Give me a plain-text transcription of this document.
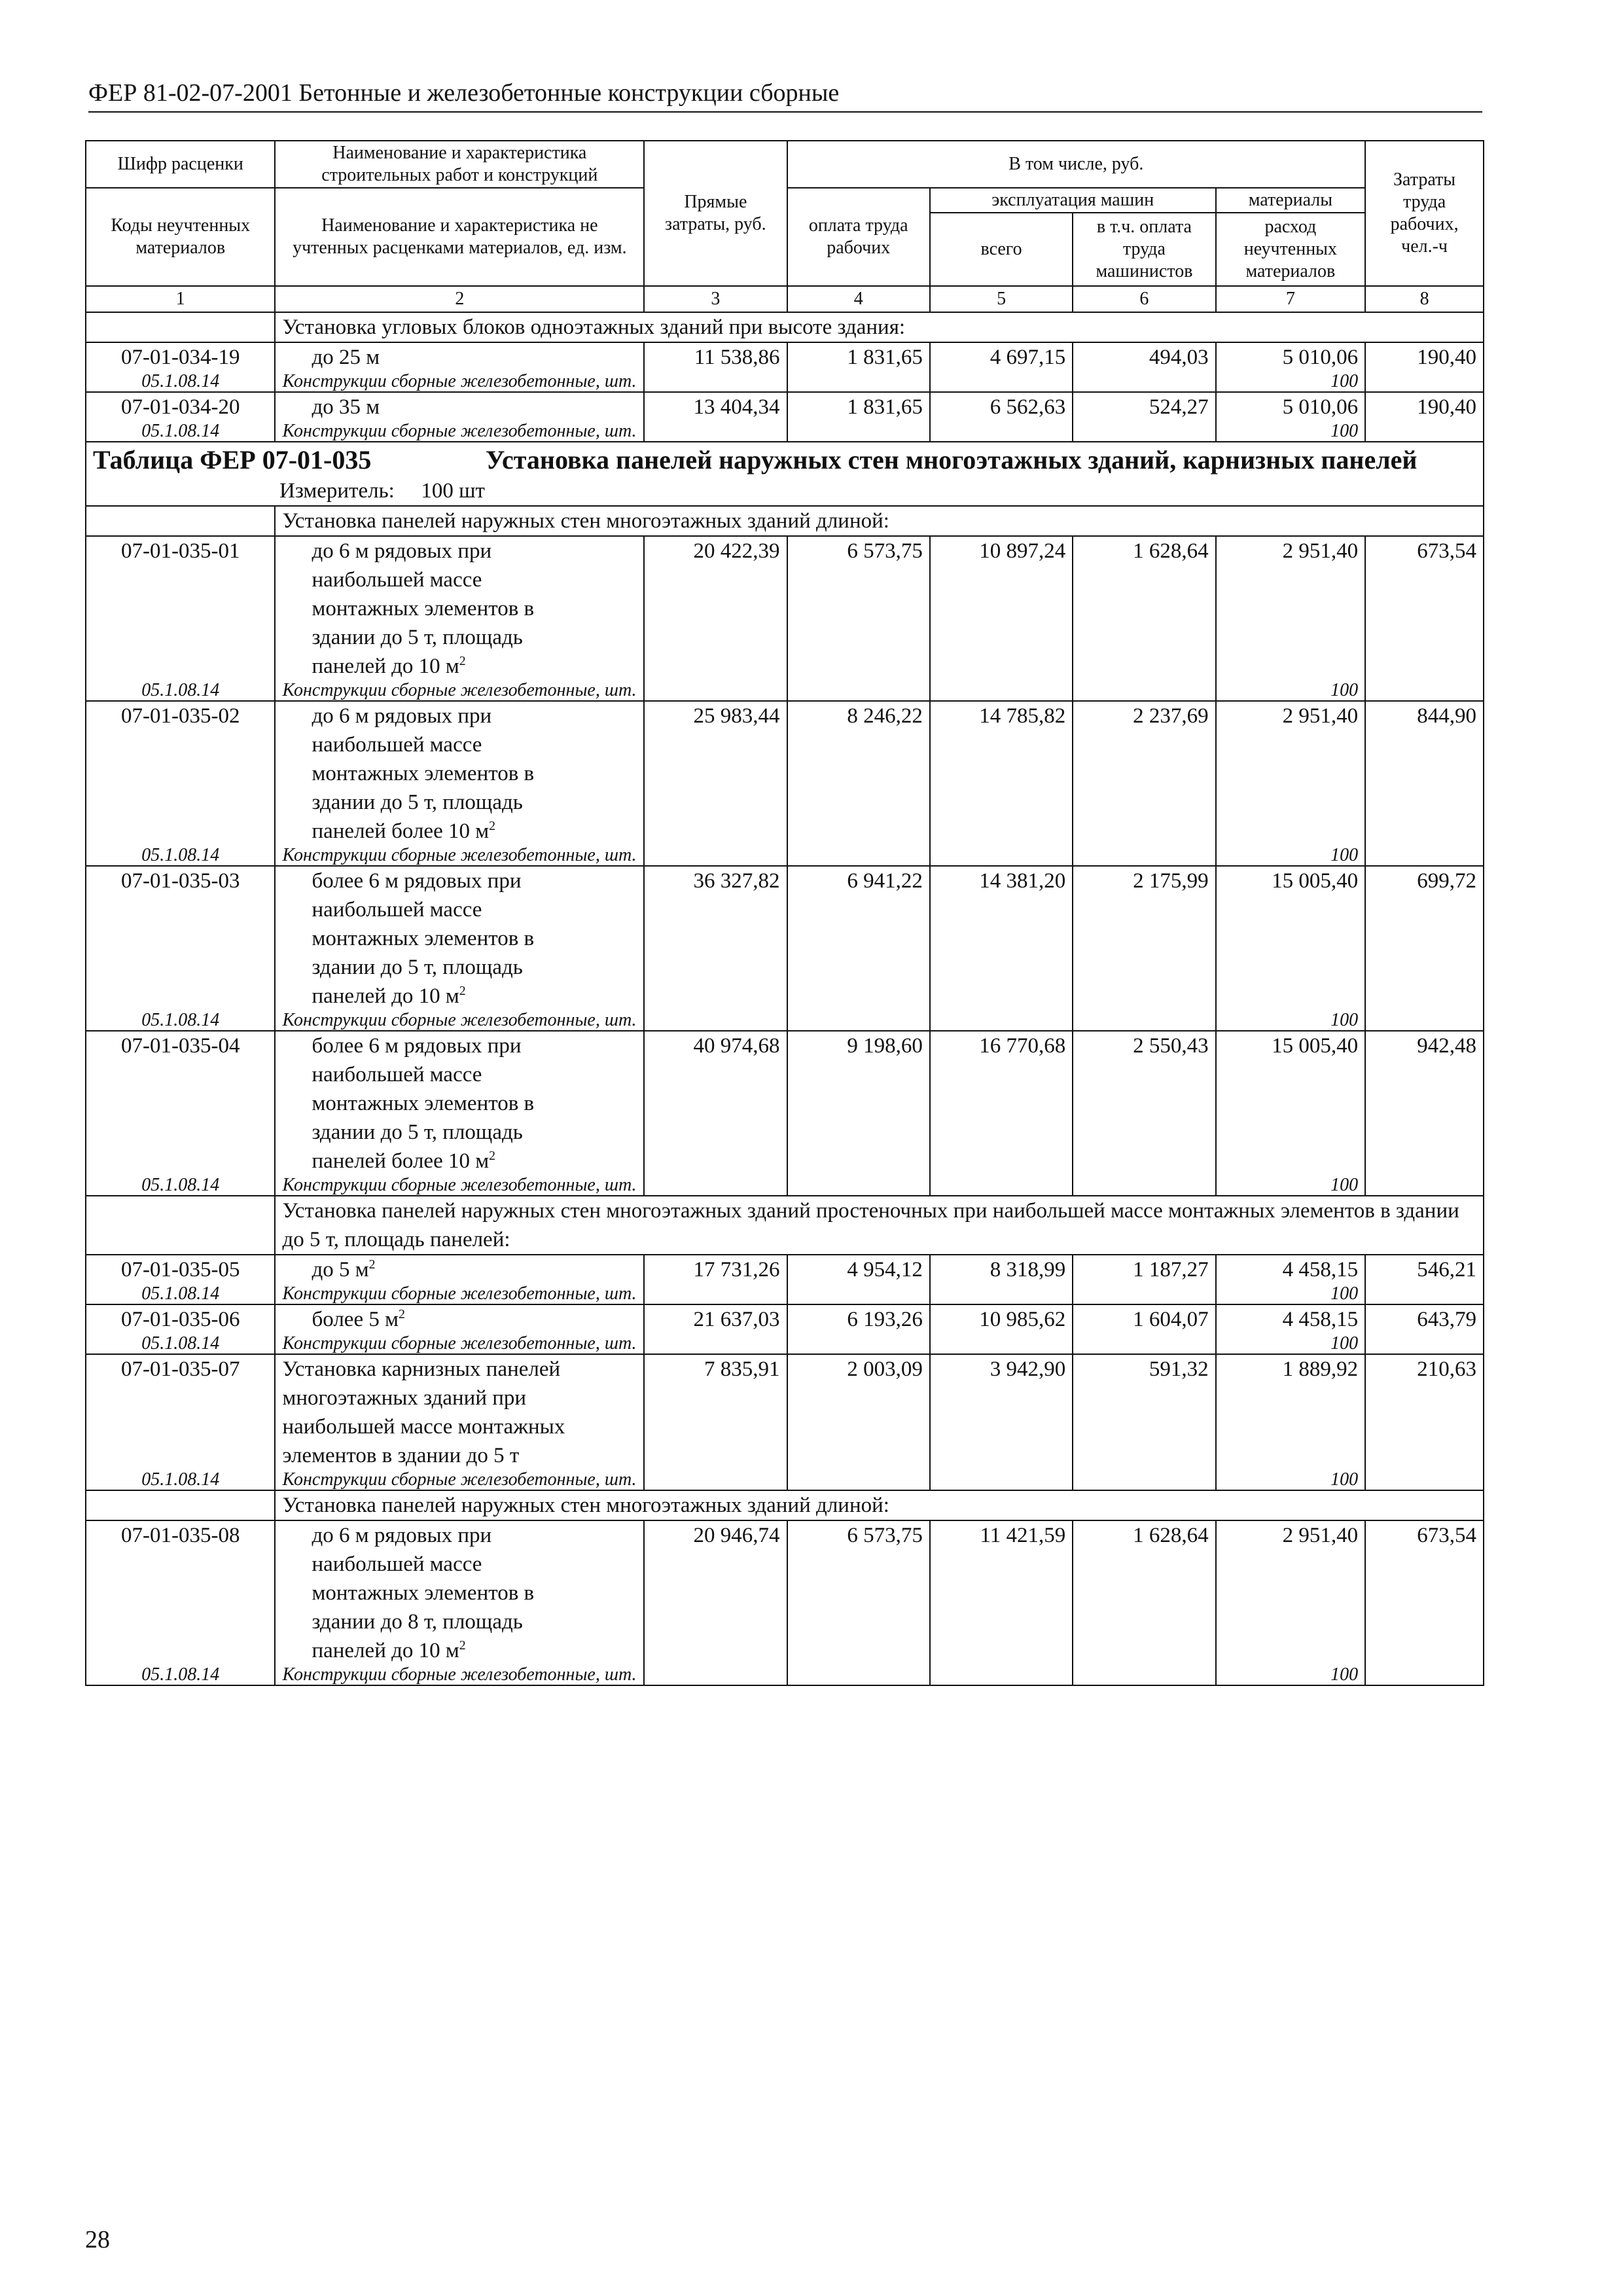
ФЕР 81-02-07-2001 Бетонные и железобетонные конструкции сборные
Шифр расценки	Наименование и характеристика строительных работ и конструкций	Прямые затраты, руб.	В том числе, руб.				Затраты труда рабочих, чел.-ч
Коды неучтенных материалов	Наименование и характеристика не учтенных расценками материалов, ед. изм.		оплата труда рабочих	эксплуатация машин		материалы	
				всего	в т.ч. оплата труда машинистов	расход неучтенных материалов	
1	2	3	4	5	6	7	8
	Установка угловых блоков одноэтажных зданий при высоте здания:						
07-01-034-19	до 25 м	11 538,86	1 831,65	4 697,15	494,03	5 010,06	190,40
05.1.08.14	Конструкции сборные железобетонные, шт.					100	
07-01-034-20	до 35 м	13 404,34	1 831,65	6 562,63	524,27	5 010,06	190,40
05.1.08.14	Конструкции сборные железобетонные, шт.					100	

Таблица ФЕР 07-01-035 Установка панелей наружных стен многоэтажных зданий, карнизных панелей
Измеритель: 100 шт							

	Установка панелей наружных стен многоэтажных зданий длиной:						
07-01-035-01	до 6 м рядовых при
наибольшей массе
монтажных элементов в
здании до 5 т, площадь
панелей до 10 $м^2$	20 422,39	6 573,75	10 897,24	1 628,64	2 951,40	673,54
05.1.08.14	Конструкции сборные железобетонные, шт.					100	
07-01-035-02	до 6 м рядовых при
наибольшей массе
монтажных элементов в
здании до 5 т, площадь
панелей более 10 $м^2$	25 983,44	8 246,22	14 785,82	2 237,69	2 951,40	844,90
05.1.08.14	Конструкции сборные железобетонные, шт.					100	
07-01-035-03	более 6 м рядовых при
наибольшей массе
монтажных элементов в
здании до 5 т, площадь
панелей до 10 $м^2$	36 327,82	6 941,22	14 381,20	2 175,99	15 005,40	699,72
05.1.08.14	Конструкции сборные железобетонные, шт.					100	
07-01-035-04	более 6 м рядовых при
наибольшей массе
монтажных элементов в
здании до 5 т, площадь
панелей более 10 $м^2$	40 974,68	9 198,60	16 770,68	2 550,43	15 005,40	942,48
05.1.08.14	Конструкции сборные железобетонные, шт.					100	
	Установка панелей наружных стен многоэтажных зданий простеночных при наибольшей массе монтажных элементов в здании до 5 т, площадь панелей:						
07-01-035-05	до 5 $м^2$	17 731,26	4 954,12	8 318,99	1 187,27	4 458,15	546,21
05.1.08.14	Конструкции сборные железобетонные, шт.					100	
07-01-035-06	более 5 $м^2$	21 637,03	6 193,26	10 985,62	1 604,07	4 458,15	643,79
05.1.08.14	Конструкции сборные железобетонные, шт.					100	
07-01-035-07	Установка карнизных панелей
многоэтажных зданий при
наибольшей массе монтажных
элементов в здании до 5 т	7 835,91	2 003,09	3 942,90	591,32	1 889,92	210,63
05.1.08.14	Конструкции сборные железобетонные, шт.					100	
	Установка панелей наружных стен многоэтажных зданий длиной:						
07-01-035-08	до 6 м рядовых при
наибольшей массе
монтажных элементов в
здании до 8 т, площадь
панелей до 10 $м^2$	20 946,74	6 573,75	11 421,59	1 628,64	2 951,40	673,54
05.1.08.14	Конструкции сборные железобетонные, шт.					100	
28
